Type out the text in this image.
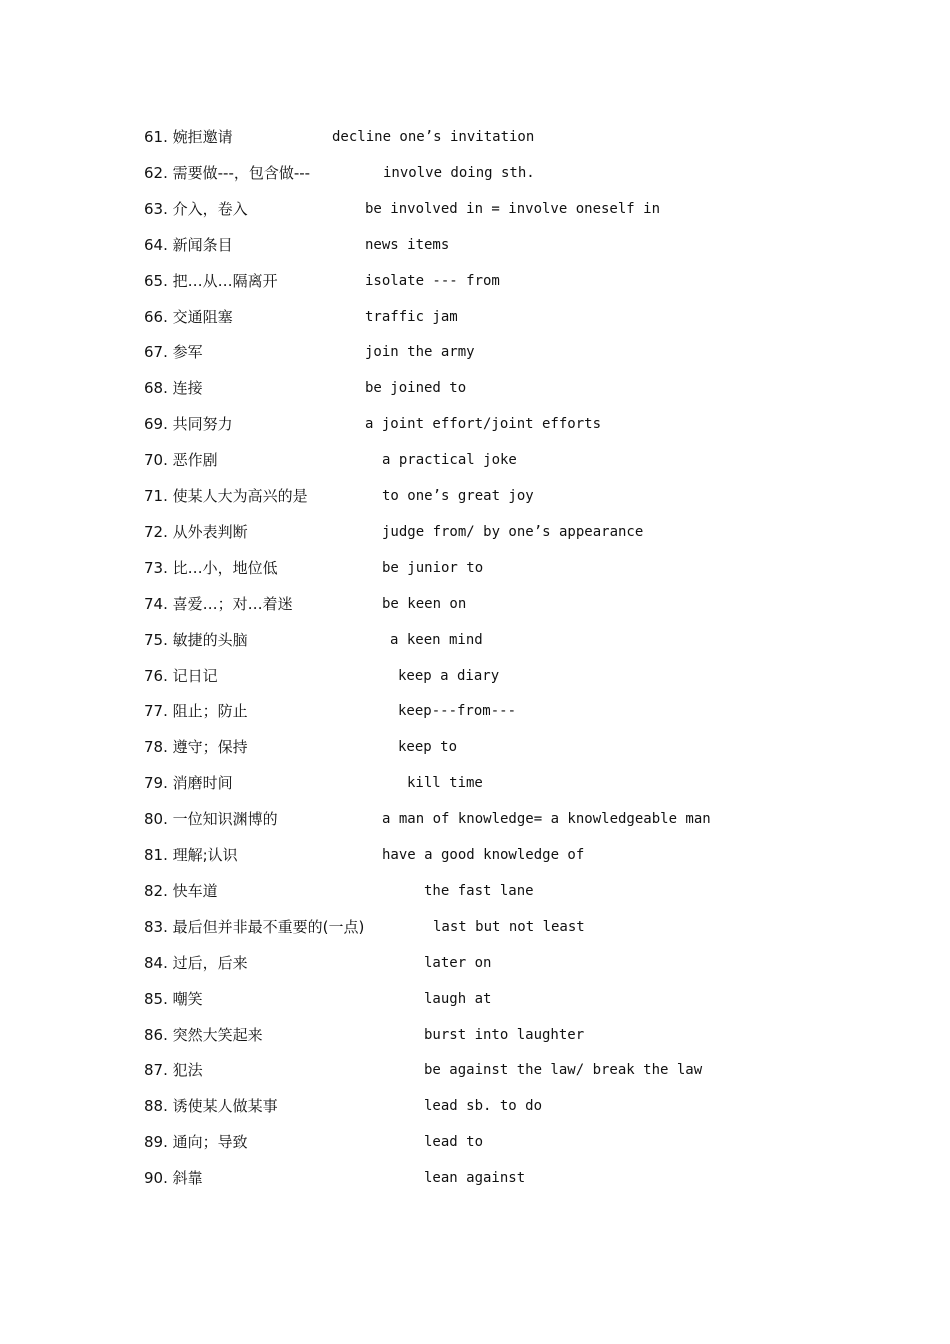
61. 婉拒邀请	decline one’s invitation
62. 需要做---，包含做---	involve doing sth.
63. 介入，卷入	be involved in = involve oneself in
64. 新闻条目	news items
65. 把…从…隔离开	isolate --- from
66. 交通阻塞	traffic jam
67. 参军	join the army
68. 连接	be joined to
69. 共同努力	a joint effort/joint efforts
70. 恶作剧	a practical joke
71. 使某人大为高兴的是	to one’s great joy
72. 从外表判断	judge from/ by one’s appearance
73. 比…小，地位低	be junior to
74. 喜爱…；对…着迷	be keen on
75. 敏捷的头脑	a keen mind
76. 记日记	keep a diary
77. 阻止；防止	keep---from---
78. 遵守；保持	keep to
79. 消磨时间	kill time
80. 一位知识渊博的	a man of knowledge= a knowledgeable man
81. 理解;认识	have a good knowledge of
82. 快车道	the fast lane
83. 最后但并非最不重要的(一点)	last but not least
84. 过后，后来	later on
85. 嘲笑	laugh at
86. 突然大笑起来	burst into laughter
87. 犯法	be against the law/ break the law
88. 诱使某人做某事	lead sb. to do
89. 通向；导致	lead to
90. 斜靠	lean against
